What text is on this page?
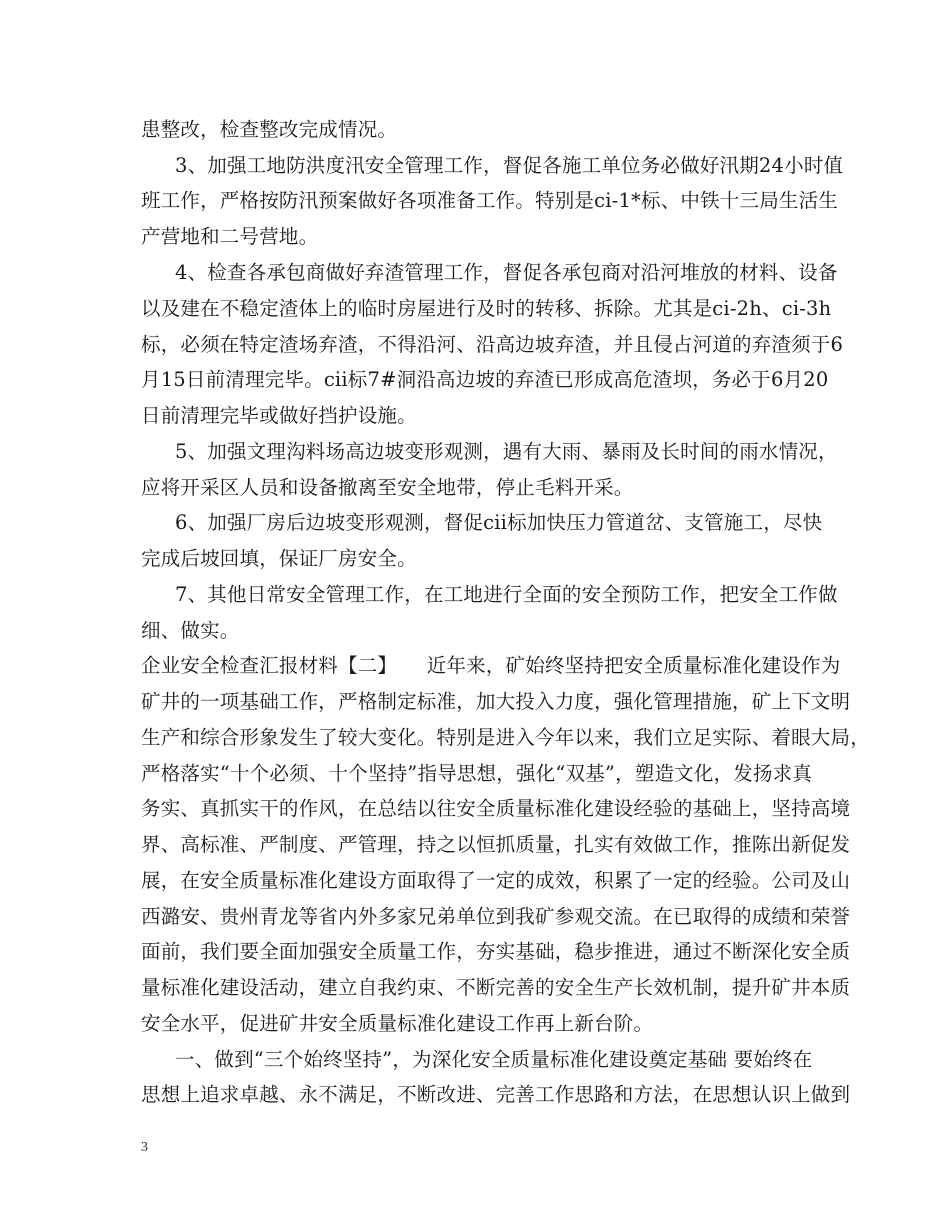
患整改，检查整改完成情况。
3、加强工地防洪度汛安全管理工作，督促各施工单位务必做好汛期24小时值
班工作，严格按防汛预案做好各项准备工作。特别是ci-1*标、中铁十三局生活生
产营地和二号营地。
4、检查各承包商做好弃渣管理工作，督促各承包商对沿河堆放的材料、设备
以及建在不稳定渣体上的临时房屋进行及时的转移、拆除。尤其是ci-2h、ci-3h
标，必须在特定渣场弃渣，不得沿河、沿高边坡弃渣，并且侵占河道的弃渣须于6
月15日前清理完毕。cii标7#洞沿高边坡的弃渣已形成高危渣坝，务必于6月20
日前清理完毕或做好挡护设施。
5、加强文理沟料场高边坡变形观测，遇有大雨、暴雨及长时间的雨水情况，
应将开采区人员和设备撤离至安全地带，停止毛料开采。
6、加强厂房后边坡变形观测，督促cii标加快压力管道岔、支管施工，尽快
完成后坡回填，保证厂房安全。
7、其他日常安全管理工作，在工地进行全面的安全预防工作，把安全工作做
细、做实。
企业安全检查汇报材料【二】　　近年来，矿始终坚持把安全质量标准化建设作为
矿井的一项基础工作，严格制定标准，加大投入力度，强化管理措施，矿上下文明
生产和综合形象发生了较大变化。特别是进入今年以来，我们立足实际、着眼大局，
严格落实“十个必须、十个坚持”指导思想，强化“双基”，塑造文化，发扬求真
务实、真抓实干的作风，在总结以往安全质量标准化建设经验的基础上，坚持高境
界、高标准、严制度、严管理，持之以恒抓质量，扎实有效做工作，推陈出新促发
展，在安全质量标准化建设方面取得了一定的成效，积累了一定的经验。公司及山
西潞安、贵州青龙等省内外多家兄弟单位到我矿参观交流。在已取得的成绩和荣誉
面前，我们要全面加强安全质量工作，夯实基础，稳步推进，通过不断深化安全质
量标准化建设活动，建立自我约束、不断完善的安全生产长效机制，提升矿井本质
安全水平，促进矿井安全质量标准化建设工作再上新台阶。
一、做到“三个始终坚持”，为深化安全质量标准化建设奠定基础 要始终在
思想上追求卓越、永不满足，不断改进、完善工作思路和方法，在思想认识上做到
3
